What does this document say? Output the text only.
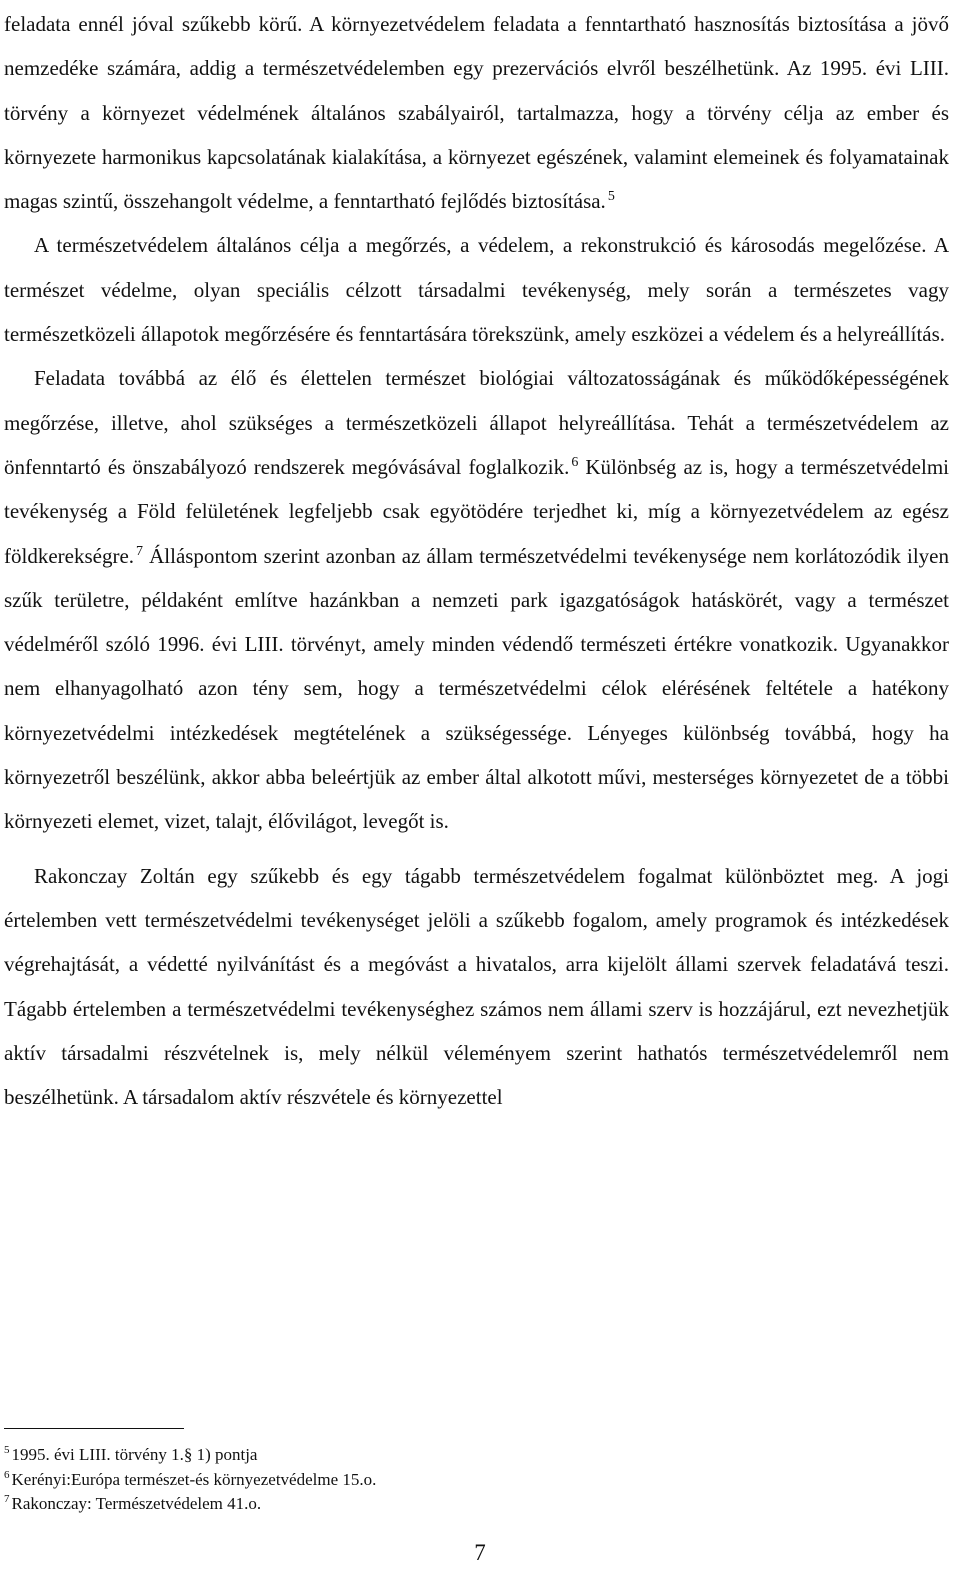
feladata ennél jóval szűkebb körű. A környezetvédelem feladata a fenntartható hasznosítás biztosítása a jövő nemzedéke számára, addig a természetvédelemben egy prezervációs elvről beszélhetünk. Az 1995. évi LIII. törvény a környezet védelmének általános szabályairól, tartalmazza, hogy a törvény célja az ember és környezete harmonikus kapcsolatának kialakítása, a környezet egészének, valamint elemeinek és folyamatainak magas szintű, összehangolt védelme, a fenntartható fejlődés biztosítása. $^5$

A természetvédelem általános célja a megőrzés, a védelem, a rekonstrukció és károsodás megelőzése. A természet védelme, olyan speciális célzott társadalmi tevékenység, mely során a természetes vagy természetközeli állapotok megőrzésére és fenntartására törekszünk, amely eszközei a védelem és a helyreállítás.

Feladata továbbá az élő és élettelen természet biológiai változatosságának és működőképességének megőrzése, illetve, ahol szükséges a természetközeli állapot helyreállítása. Tehát a természetvédelem az önfenntartó és önszabályozó rendszerek megóvásával foglalkozik. $^6$ Különbség az is, hogy a természetvédelmi tevékenység a Föld felületének legfeljebb csak egyötödére terjedhet ki, míg a környezetvédelem az egész földkerekségre. $^7$ Álláspontom szerint azonban az állam természetvédelmi tevékenysége nem korlátozódik ilyen szűk területre, példaként említve hazánkban a nemzeti park igazgatóságok hatáskörét, vagy a természet védelméről szóló 1996. évi LIII. törvényt, amely minden védendő természeti értékre vonatkozik. Ugyanakkor nem elhanyagolható azon tény sem, hogy a természetvédelmi célok elérésének feltétele a hatékony környezetvédelmi intézkedések megtételének a szükségessége. Lényeges különbség továbbá, hogy ha környezetről beszélünk, akkor abba beleértjük az ember által alkotott művi, mesterséges környezetet de a többi környezeti elemet, vizet, talajt, élővilágot, levegőt is.

Rakonczay Zoltán egy szűkebb és egy tágabb természetvédelem fogalmat különböztet meg. A jogi értelemben vett természetvédelmi tevékenységet jelöli a szűkebb fogalom, amely programok és intézkedések végrehajtását, a védetté nyilvánítást és a megóvást a hivatalos, arra kijelölt állami szervek feladatává teszi. Tágabb értelemben a természetvédelmi tevékenységhez számos nem állami szerv is hozzájárul, ezt nevezhetjük aktív társadalmi részvételnek is, mely nélkül véleményem szerint hathatós természetvédelemről nem beszélhetünk. A társadalom aktív részvétele és környezettel

$^5$ 1995. évi LIII. törvény 1.§ 1) pontja
$^6$ Kerényi:Európa természet-és környezetvédelme 15.o.
$^7$ Rakonczay: Természetvédelem 41.o.
7
